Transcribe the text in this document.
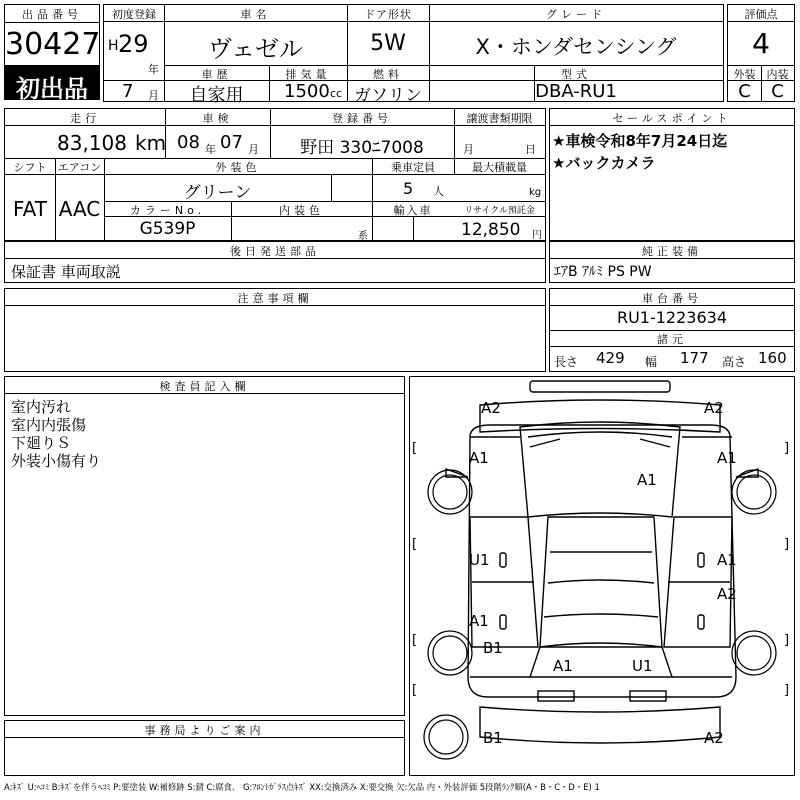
出品番号
30427
初出品
初度登録
H 29
年
7 月
車名
ヴェゼル
ドア形状
5W
グレード
X・ホンダセンシング
車歴
自家用
排気量
1500 cc
燃料
ガソリン
型式
DBA-RU1
評価点
4
外装	内装
C	C
走行
83,108 km
車検
08 年 07 月
登録番号
野田 330ﾆ7008
譲渡書類期限
月	日
シフト
FAT
エアコン
AAC
外装色
グリーン
乗車定員
5 人
最大積載量
kg
カラーNo.
G539P
内装色
系
輸入車	リサイクル預託金
12,850 円
セールスポイント
★車検令和8年7月24日迄
★バックカメラ
後日発送部品
保証書 車両取説
純正装備
ｴｱB ｱﾙﾐ PS PW
注意事項欄	車台番号
RU1-1223634
諸元
長さ 429 幅 177 高さ 160
検査員記入欄
室内汚れ
室内内張傷
下廻りＳ
外装小傷有り
事務局よりご案内
[	]
[	]
[	]
[	]
A2	A2
A1	A1
A1
U1	A1
A2
A1
B1
A1	U1
B1	A2
A:ｷｽﾞ U:ﾍｺﾐ B:ｷｽﾞを伴うﾍｺﾐ P:要塗装 W:補修跡 S:錆 C:腐食、 G:ﾌﾛﾝﾄｶﾞﾗｽ点ｷｽﾞ XX:交換済み X:要交換 欠:欠品 内・外装評価 5段階ﾗﾝｸ順(A・B・C・D・E) 1
